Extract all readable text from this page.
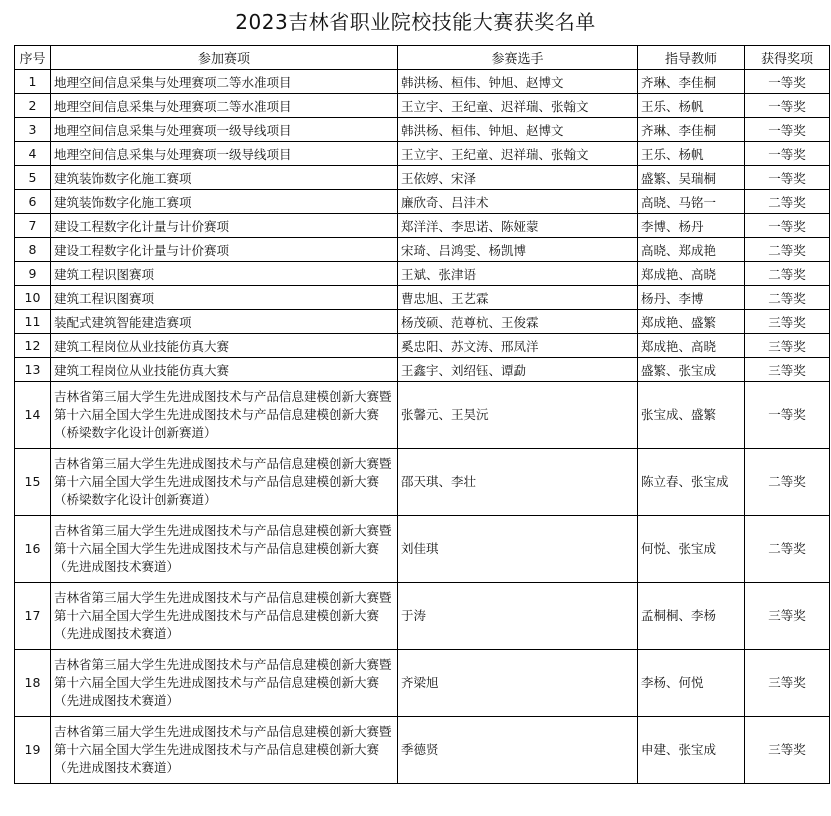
2023吉林省职业院校技能大赛获奖名单
序号	参加赛项	参赛选手	指导教师	获得奖项
1	地理空间信息采集与处理赛项二等水准项目	韩洪杨、桓伟、钟旭、赵博文	齐琳、李佳桐	一等奖
2	地理空间信息采集与处理赛项二等水准项目	王立宇、王纪童、迟祥瑞、张翰文	王乐、杨帆	一等奖
3	地理空间信息采集与处理赛项一级导线项目	韩洪杨、桓伟、钟旭、赵博文	齐琳、李佳桐	一等奖
4	地理空间信息采集与处理赛项一级导线项目	王立宇、王纪童、迟祥瑞、张翰文	王乐、杨帆	一等奖
5	建筑装饰数字化施工赛项	王依婷、宋泽	盛繁、吴瑞桐	一等奖
6	建筑装饰数字化施工赛项	廉欣奇、吕沣术	高晓、马铭一	二等奖
7	建设工程数字化计量与计价赛项	郑洋洋、李思诺、陈娅蒙	李博、杨丹	一等奖
8	建设工程数字化计量与计价赛项	宋琦、吕鸿雯、杨凯博	高晓、郑成艳	二等奖
9	建筑工程识图赛项	王斌、张津语	郑成艳、高晓	二等奖
10	建筑工程识图赛项	曹忠旭、王艺霖	杨丹、李博	二等奖
11	装配式建筑智能建造赛项	杨茂硕、范尊杭、王俊霖	郑成艳、盛繁	三等奖
12	建筑工程岗位从业技能仿真大赛	奚忠阳、苏文涛、邢凤洋	郑成艳、高晓	三等奖
13	建筑工程岗位从业技能仿真大赛	王鑫宇、刘绍钰、谭勐	盛繁、张宝成	三等奖
14	吉林省第三届大学生先进成图技术与产品信息建模创新大赛暨第十六届全国大学生先进成图技术与产品信息建模创新大赛（桥梁数字化设计创新赛道）	张馨元、王昊沅	张宝成、盛繁	一等奖
15	吉林省第三届大学生先进成图技术与产品信息建模创新大赛暨第十六届全国大学生先进成图技术与产品信息建模创新大赛（桥梁数字化设计创新赛道）	邵天琪、李壮	陈立春、张宝成	二等奖
16	吉林省第三届大学生先进成图技术与产品信息建模创新大赛暨第十六届全国大学生先进成图技术与产品信息建模创新大赛（先进成图技术赛道）	刘佳琪	何悦、张宝成	二等奖
17	吉林省第三届大学生先进成图技术与产品信息建模创新大赛暨第十六届全国大学生先进成图技术与产品信息建模创新大赛（先进成图技术赛道）	于涛	孟桐桐、李杨	三等奖
18	吉林省第三届大学生先进成图技术与产品信息建模创新大赛暨第十六届全国大学生先进成图技术与产品信息建模创新大赛（先进成图技术赛道）	齐梁旭	李杨、何悦	三等奖
19	吉林省第三届大学生先进成图技术与产品信息建模创新大赛暨第十六届全国大学生先进成图技术与产品信息建模创新大赛（先进成图技术赛道）	季德贤	申建、张宝成	三等奖
